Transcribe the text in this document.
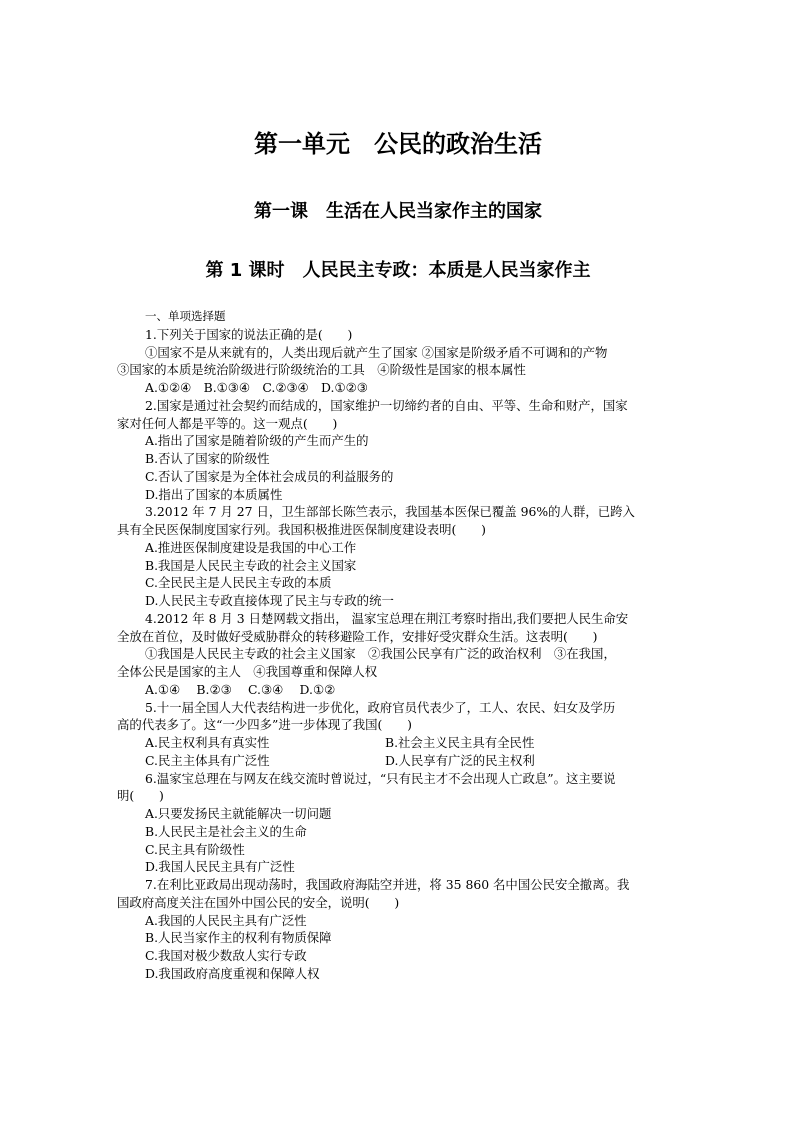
第一单元　公民的政治生活
第一课　生活在人民当家作主的国家
第 1 课时　人民民主专政：本质是人民当家作主
一、单项选择题
1.下列关于国家的说法正确的是(　　)
①国家不是从来就有的，人类出现后就产生了国家 ②国家是阶级矛盾不可调和的产物
③国家的本质是统治阶级进行阶级统治的工具　④阶级性是国家的根本属性
A.①②④　B.①③④　C.②③④　D.①②③
2.国家是通过社会契约而结成的，国家维护一切缔约者的自由、平等、生命和财产，国家
家对任何人都是平等的。这一观点(　　)
A.指出了国家是随着阶级的产生而产生的
B.否认了国家的阶级性
C.否认了国家是为全体社会成员的利益服务的
D.指出了国家的本质属性
3.2012 年 7 月 27 日，卫生部部长陈竺表示，我国基本医保已覆盖 96%的人群，已跨入
具有全民医保制度国家行列。我国积极推进医保制度建设表明(　　)
A.推进医保制度建设是我国的中心工作
B.我国是人民民主专政的社会主义国家
C.全民民主是人民民主专政的本质
D.人民民主专政直接体现了民主与专政的统一
4.2012 年 8 月 3 日楚网载文指出， 温家宝总理在荆江考察时指出,我们要把人民生命安
全放在首位，及时做好受威胁群众的转移避险工作，安排好受灾群众生活。这表明(　　)
①我国是人民民主专政的社会主义国家　②我国公民享有广泛的政治权利　③在我国，
全体公民是国家的主人　④我国尊重和保障人权
A.①④　 B.②③　 C.③④　 D.①②
5.十一届全国人大代表结构进一步优化，政府官员代表少了，工人、农民、妇女及学历
高的代表多了。这“一少四多”进一步体现了我国(　　)
A.民主权利具有真实性	B.社会主义民主具有全民性
C.民主主体具有广泛性	D.人民享有广泛的民主权利
6.温家宝总理在与网友在线交流时曾说过，“只有民主才不会出现人亡政息”。这主要说
明(　　)
A.只要发扬民主就能解决一切问题
B.人民民主是社会主义的生命
C.民主具有阶级性
D.我国人民民主具有广泛性
7.在利比亚政局出现动荡时，我国政府海陆空并进，将 35 860 名中国公民安全撤离。我
国政府高度关注在国外中国公民的安全，说明(　　)
A.我国的人民民主具有广泛性
B.人民当家作主的权利有物质保障
C.我国对极少数敌人实行专政
D.我国政府高度重视和保障人权
